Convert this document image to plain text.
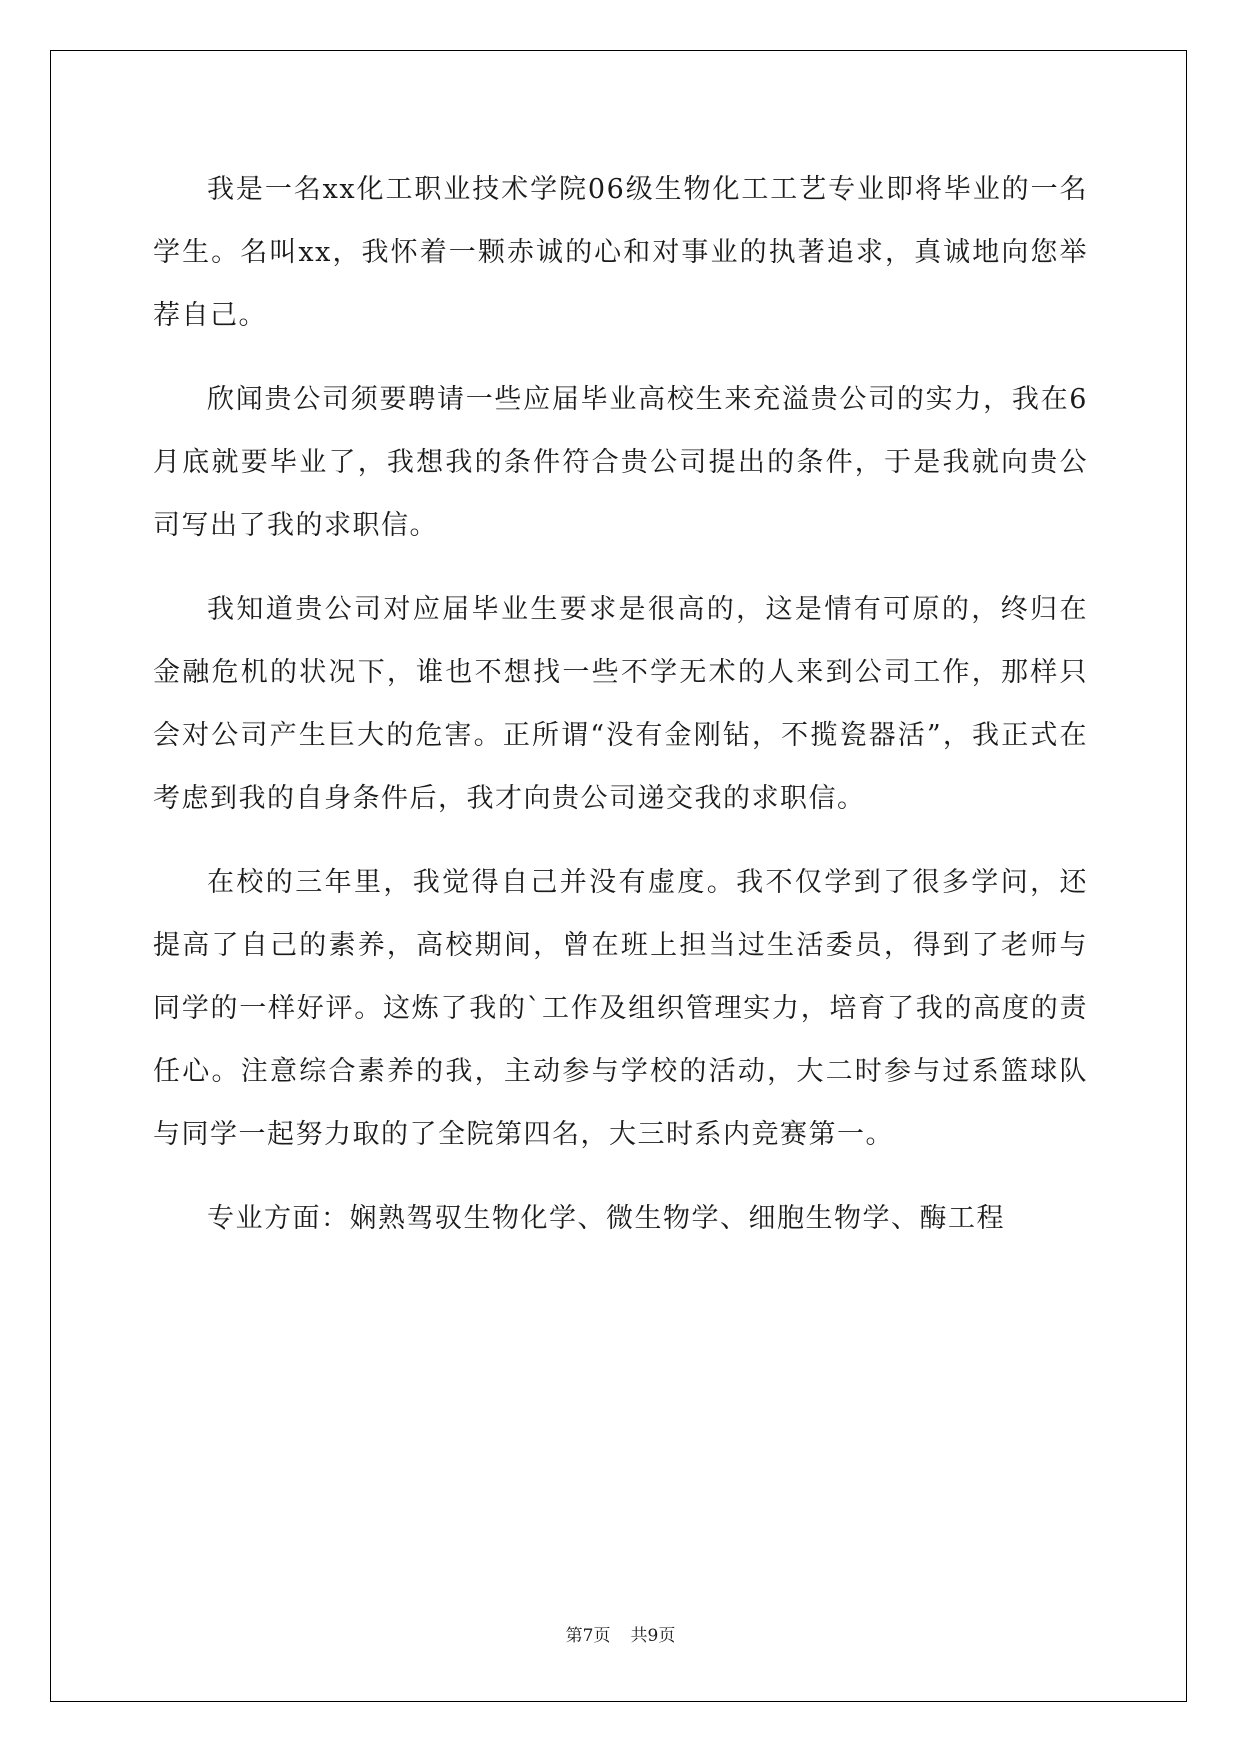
我是一名xx化工职业技术学院06级生物化工工艺专业即将毕业的一名学生。名叫xx，我怀着一颗赤诚的心和对事业的执著追求，真诚地向您举荐自己。

欣闻贵公司须要聘请一些应届毕业高校生来充溢贵公司的实力，我在6月底就要毕业了，我想我的条件符合贵公司提出的条件，于是我就向贵公司写出了我的求职信。

我知道贵公司对应届毕业生要求是很高的，这是情有可原的，终归在金融危机的状况下，谁也不想找一些不学无术的人来到公司工作，那样只会对公司产生巨大的危害。正所谓“没有金刚钻，不揽瓷器活”，我正式在考虑到我的自身条件后，我才向贵公司递交我的求职信。

在校的三年里，我觉得自己并没有虚度。我不仅学到了很多学问，还提高了自己的素养，高校期间，曾在班上担当过生活委员，得到了老师与同学的一样好评。这炼了我的`工作及组织管理实力，培育了我的高度的责任心。注意综合素养的我，主动参与学校的活动，大二时参与过系篮球队与同学一起努力取的了全院第四名，大三时系内竞赛第一。

专业方面：娴熟驾驭生物化学、微生物学、细胞生物学、酶工程

第7页 共9页
